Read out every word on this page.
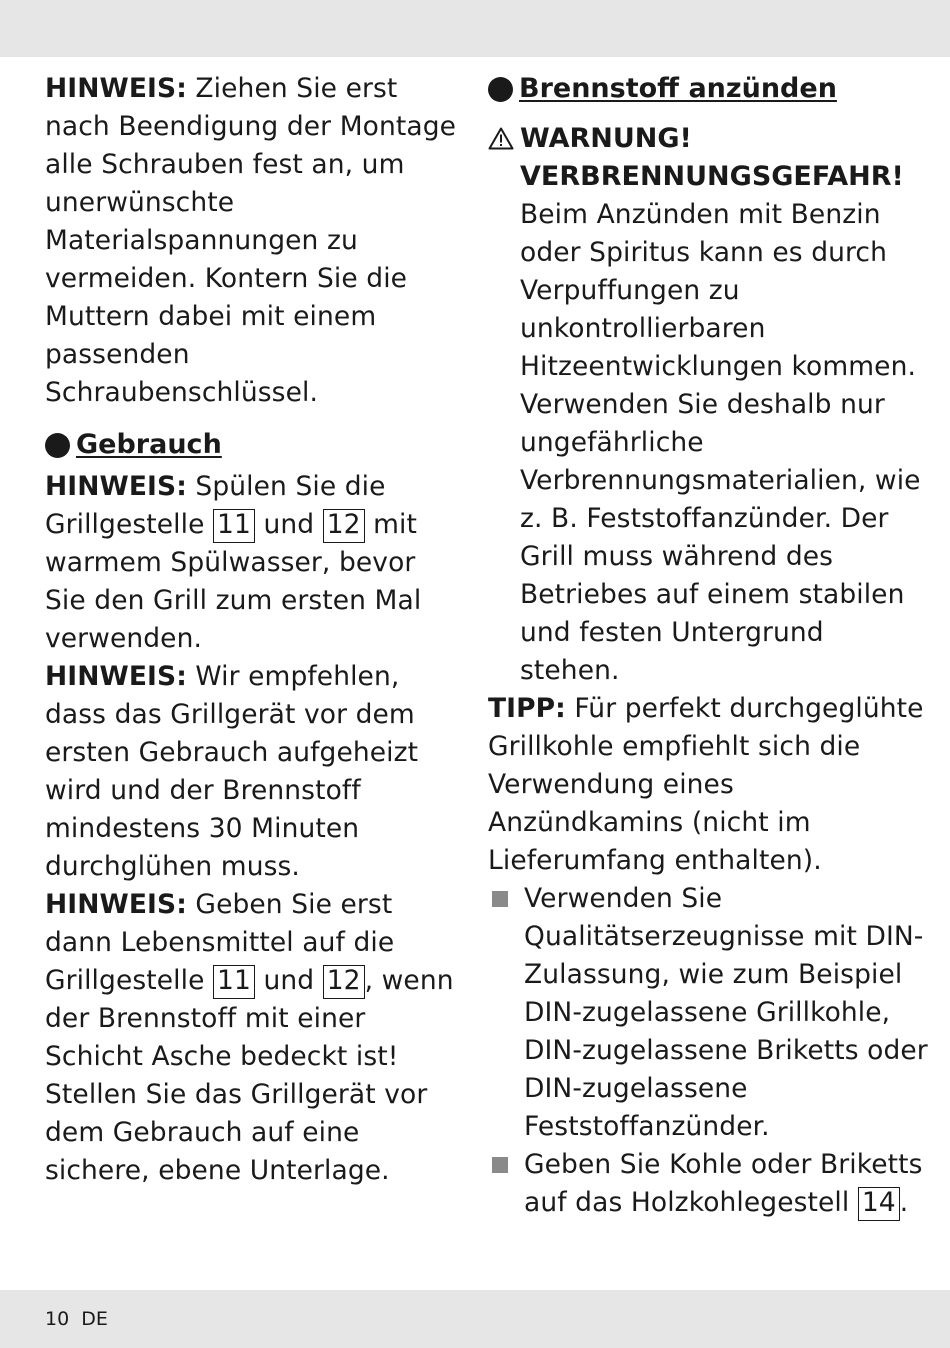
HINWEIS: Ziehen Sie erst nach Beendigung der Montage alle Schrauben fest an, um unerwünschte Materialspannungen zu vermeiden. Kontern Sie die Muttern dabei mit einem passenden Schraubenschlüssel.

Gebrauch

HINWEIS: Spülen Sie die Grillgestelle 11 und 12 mit warmem Spülwasser, bevor Sie den Grill zum ersten Mal verwenden.

HINWEIS: Wir empfehlen, dass das Grillgerät vor dem ersten Gebrauch aufgeheizt wird und der Brennstoff mindestens 30 Minuten durchglühen muss.

HINWEIS: Geben Sie erst dann Lebensmittel auf die Grillgestelle 11 und 12 , wenn der Brennstoff mit einer Schicht Asche bedeckt ist! Stellen Sie das Grillgerät vor dem Gebrauch auf eine sichere, ebene Unterlage.

Brennstoff anzünden
WARNUNG!
VERBRENNUNGSGEFAHR!

Beim Anzünden mit Benzin oder Spiritus kann es durch Verpuffungen zu unkontrollierbaren Hitzeentwicklungen kommen. Verwenden Sie deshalb nur ungefährliche Verbrennungsmaterialien, wie z. B. Feststoffanzünder. Der Grill muss während des Betriebes auf einem stabilen und festen Untergrund stehen.

TIPP: Für perfekt durchgeglühte Grillkohle empfiehlt sich die Verwendung eines Anzündkamins (nicht im Lieferumfang enthalten).

Verwenden Sie Qualitätserzeugnisse mit DIN-Zulassung, wie zum Beispiel DIN-zugelassene Grillkohle, DIN-zugelassene Briketts oder DIN-zugelassene Feststoffanzünder.

Geben Sie Kohle oder Briketts auf das Holzkohlegestell 14 .

10 DE
